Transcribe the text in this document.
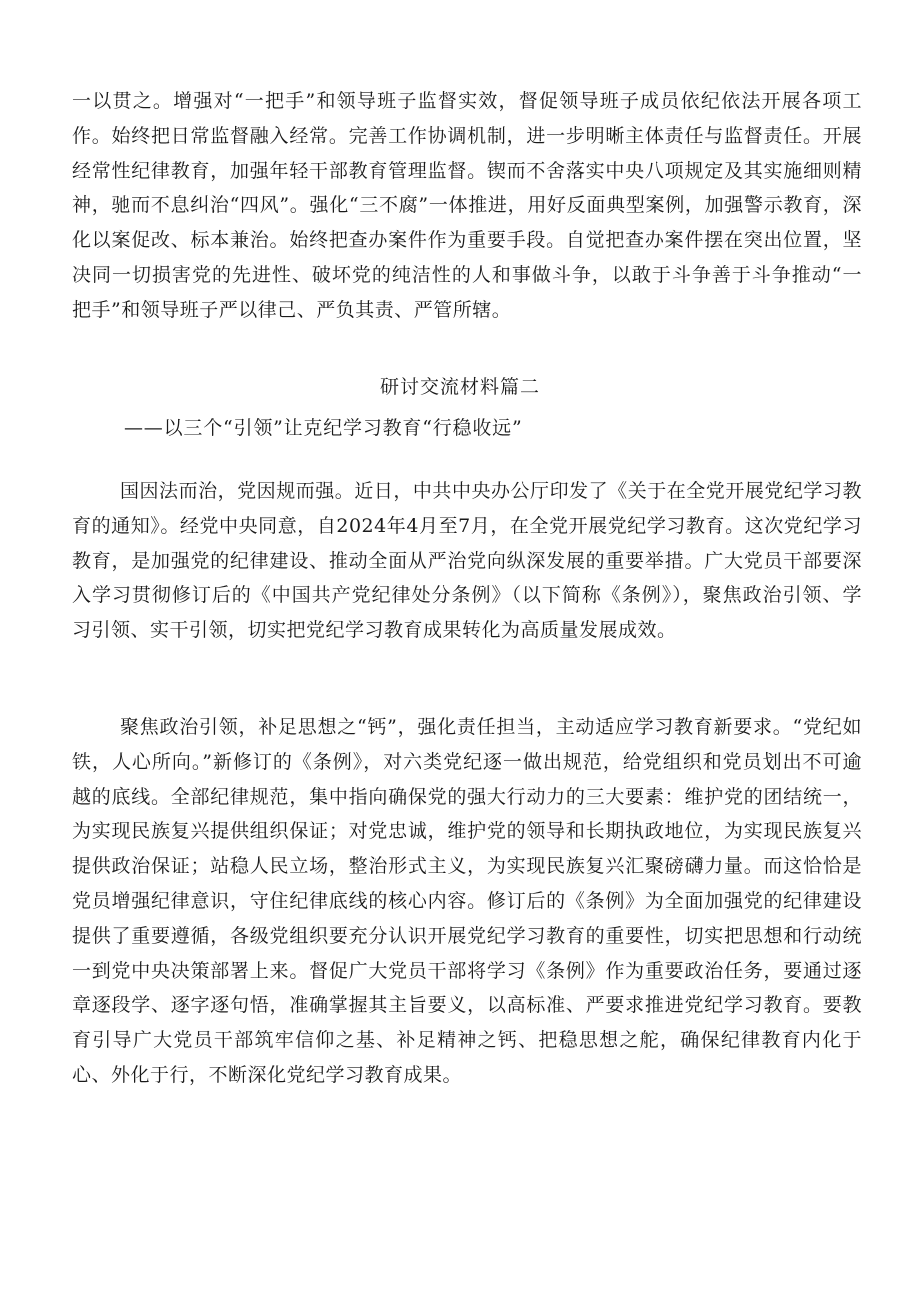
一以贯之。增强对“一把手”和领导班子监督实效，督促领导班子成员依纪依法开展各项工作。始终把日常监督融入经常。完善工作协调机制，进一步明晰主体责任与监督责任。开展经常性纪律教育，加强年轻干部教育管理监督。锲而不舍落实中央八项规定及其实施细则精神，驰而不息纠治“四风”。强化“三不腐”一体推进，用好反面典型案例，加强警示教育，深化以案促改、标本兼治。始终把查办案件作为重要手段。自觉把查办案件摆在突出位置，坚决同一切损害党的先进性、破坏党的纯洁性的人和事做斗争，以敢于斗争善于斗争推动“一把手”和领导班子严以律己、严负其责、严管所辖。

研讨交流材料篇二

——以三个“引领”让克纪学习教育“行稳收远”

国因法而治，党因规而强。近日，中共中央办公厅印发了《关于在全党开展党纪学习教育的通知》。经党中央同意，自2024年4月至7月，在全党开展党纪学习教育。这次党纪学习教育，是加强党的纪律建设、推动全面从严治党向纵深发展的重要举措。广大党员干部要深入学习贯彻修订后的《中国共产党纪律处分条例》（以下简称《条例》），聚焦政治引领、学习引领、实干引领，切实把党纪学习教育成果转化为高质量发展成效。

聚焦政治引领，补足思想之“钙”，强化责任担当，主动适应学习教育新要求。“党纪如铁，人心所向。”新修订的《条例》，对六类党纪逐一做出规范，给党组织和党员划出不可逾越的底线。全部纪律规范，集中指向确保党的强大行动力的三大要素：维护党的团结统一，为实现民族复兴提供组织保证；对党忠诚，维护党的领导和长期执政地位，为实现民族复兴提供政治保证；站稳人民立场，整治形式主义，为实现民族复兴汇聚磅礴力量。而这恰恰是党员增强纪律意识，守住纪律底线的核心内容。修订后的《条例》为全面加强党的纪律建设提供了重要遵循，各级党组织要充分认识开展党纪学习教育的重要性，切实把思想和行动统一到党中央决策部署上来。督促广大党员干部将学习《条例》作为重要政治任务，要通过逐章逐段学、逐字逐句悟，准确掌握其主旨要义，以高标准、严要求推进党纪学习教育。要教育引导广大党员干部筑牢信仰之基、补足精神之钙、把稳思想之舵，确保纪律教育内化于心、外化于行，不断深化党纪学习教育成果。
